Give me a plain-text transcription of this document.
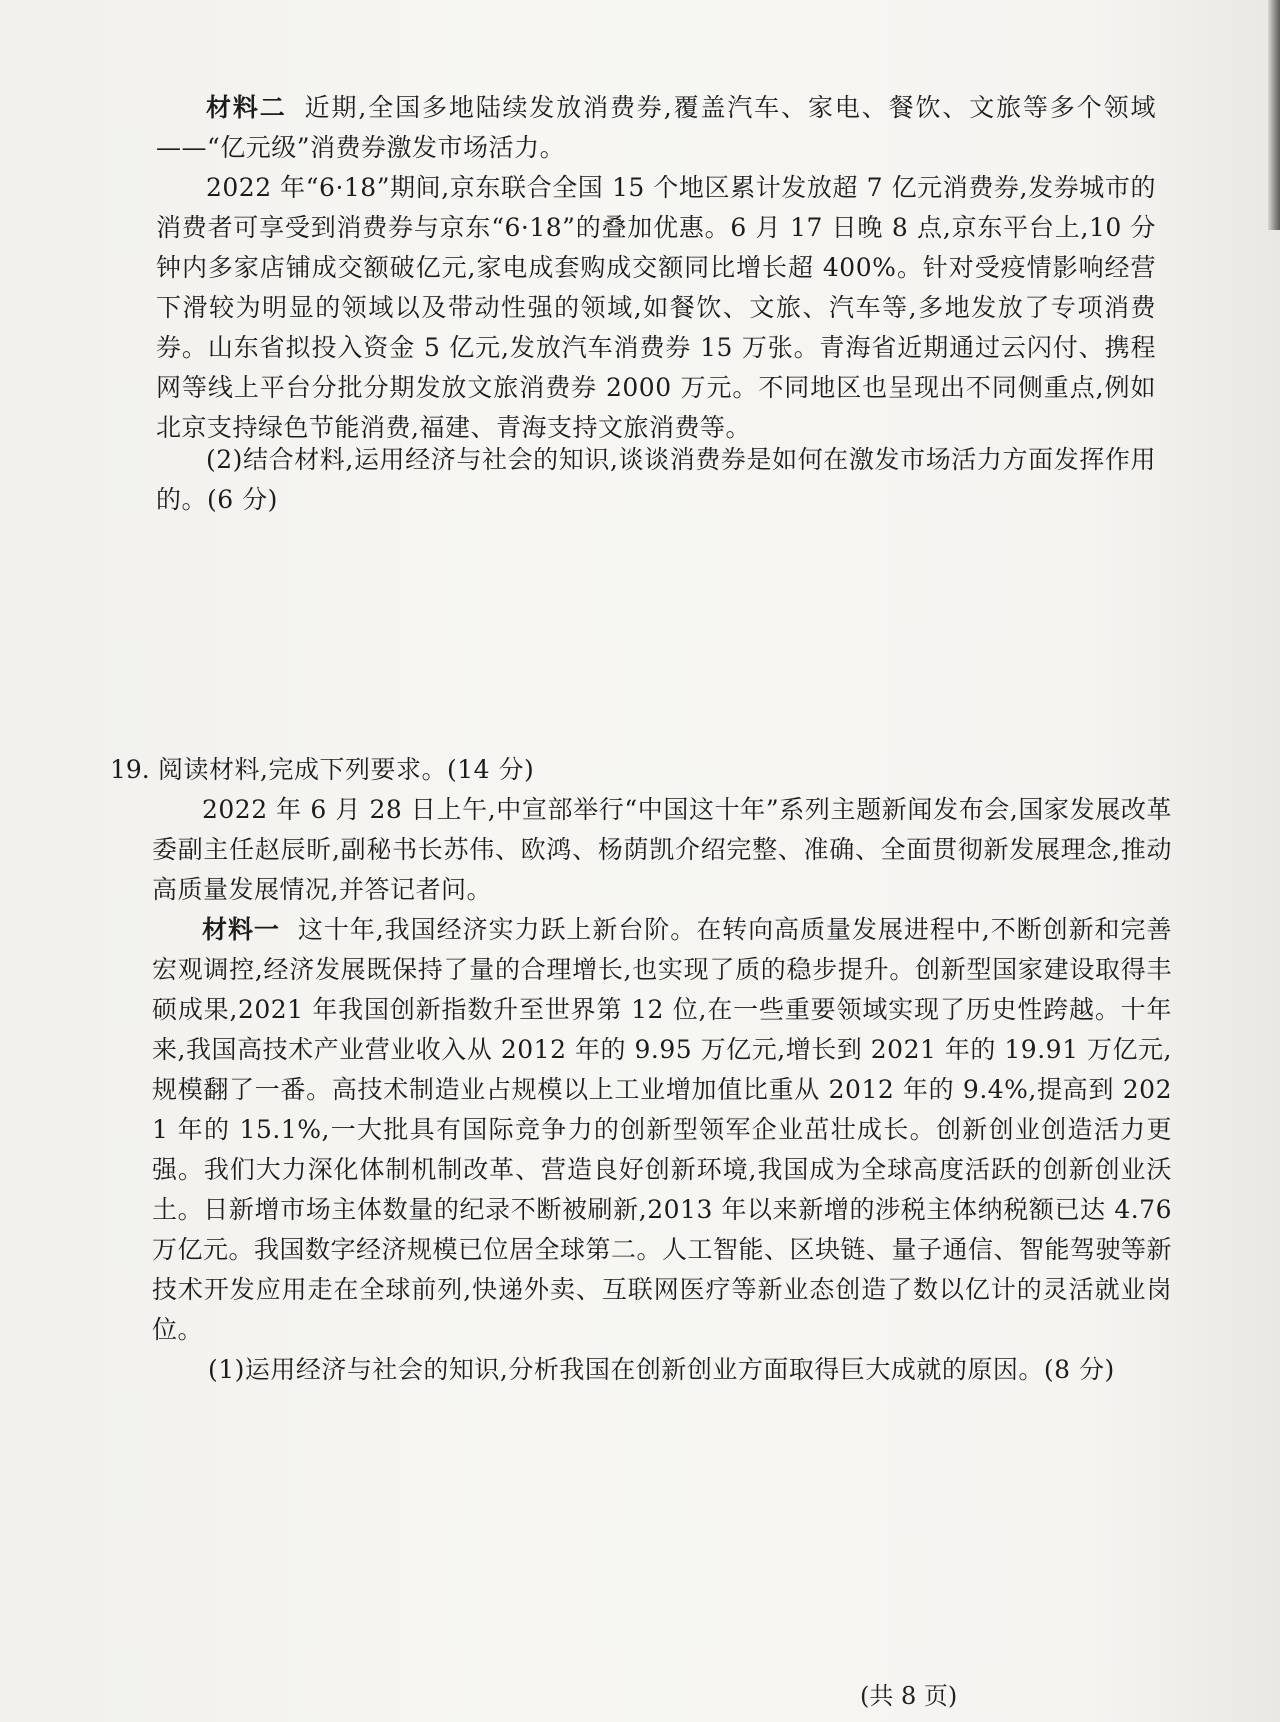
材料二 近期,全国多地陆续发放消费券,覆盖汽车、家电、餐饮、文旅等多个领域——“亿元级”消费券激发市场活力。

2022 年“6·18”期间,京东联合全国 15 个地区累计发放超 7 亿元消费券,发券城市的消费者可享受到消费券与京东“6·18”的叠加优惠。6 月 17 日晚 8 点,京东平台上,10 分钟内多家店铺成交额破亿元,家电成套购成交额同比增长超 400%。针对受疫情影响经营下滑较为明显的领域以及带动性强的领域,如餐饮、文旅、汽车等,多地发放了专项消费券。山东省拟投入资金 5 亿元,发放汽车消费券 15 万张。青海省近期通过云闪付、携程网等线上平台分批分期发放文旅消费券 2000 万元。不同地区也呈现出不同侧重点,例如北京支持绿色节能消费,福建、青海支持文旅消费等。

(2)结合材料,运用经济与社会的知识,谈谈消费券是如何在激发市场活力方面发挥作用的。(6 分)

19. 阅读材料,完成下列要求。(14 分)

2022 年 6 月 28 日上午,中宣部举行“中国这十年”系列主题新闻发布会,国家发展改革委副主任赵辰昕,副秘书长苏伟、欧鸿、杨荫凯介绍完整、准确、全面贯彻新发展理念,推动高质量发展情况,并答记者问。

材料一 这十年,我国经济实力跃上新台阶。在转向高质量发展进程中,不断创新和完善宏观调控,经济发展既保持了量的合理增长,也实现了质的稳步提升。创新型国家建设取得丰硕成果,2021 年我国创新指数升至世界第 12 位,在一些重要领域实现了历史性跨越。十年来,我国高技术产业营业收入从 2012 年的 9.95 万亿元,增长到 2021 年的 19.91 万亿元,规模翻了一番。高技术制造业占规模以上工业增加值比重从 2012 年的 9.4%,提高到 2021 年的 15.1%,一大批具有国际竞争力的创新型领军企业茁壮成长。创新创业创造活力更强。我们大力深化体制机制改革、营造良好创新环境,我国成为全球高度活跃的创新创业沃土。日新增市场主体数量的纪录不断被刷新,2013 年以来新增的涉税主体纳税额已达 4.76 万亿元。我国数字经济规模已位居全球第二。人工智能、区块链、量子通信、智能驾驶等新技术开发应用走在全球前列,快递外卖、互联网医疗等新业态创造了数以亿计的灵活就业岗位。

(1)运用经济与社会的知识,分析我国在创新创业方面取得巨大成就的原因。(8 分)

(共 8 页)
